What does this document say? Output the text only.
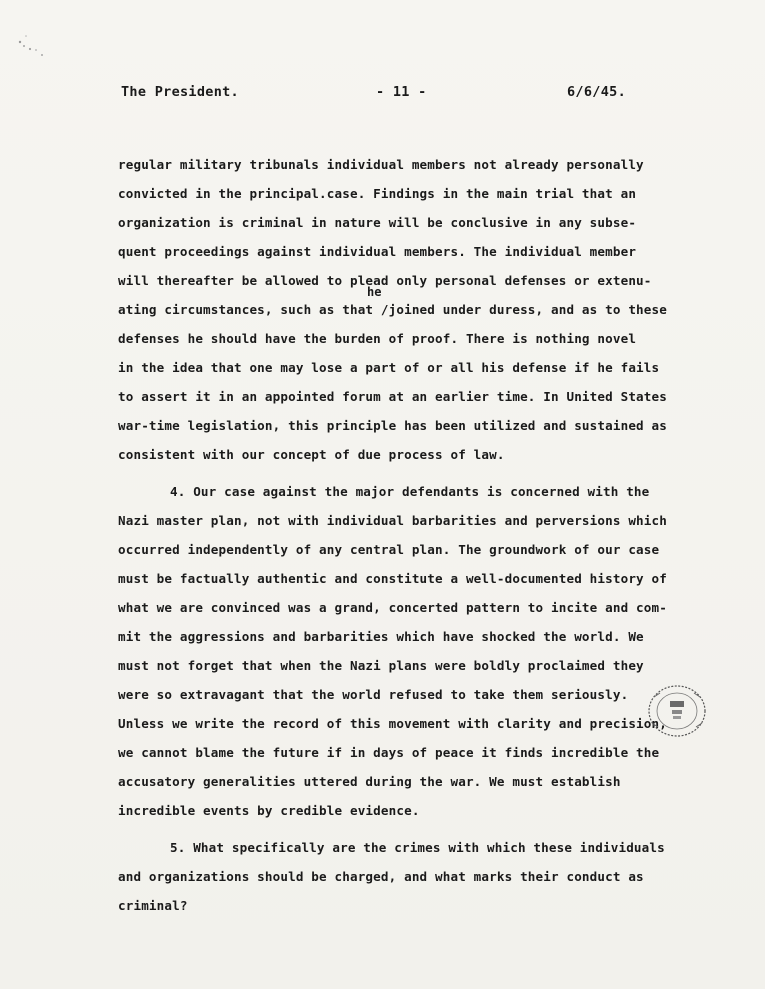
The President.	- 11 -	6/6/45.
he
regular military tribunals individual members not already personally
convicted in the principal.case. Findings in the main trial that an
organization is criminal in nature will be conclusive in any subse-
quent proceedings against individual members. The individual member
will thereafter be allowed to plead only personal defenses or extenu-
ating circumstances, such as that /joined under duress, and as to these
defenses he should have the burden of proof. There is nothing novel
in the idea that one may lose a part of or all his defense if he fails
to assert it in an appointed forum at an earlier time. In United States
war-time legislation, this principle has been utilized and sustained as
consistent with our concept of due process of law.
4. Our case against the major defendants is concerned with the
Nazi master plan, not with individual barbarities and perversions which
occurred independently of any central plan. The groundwork of our case
must be factually authentic and constitute a well-documented history of
what we are convinced was a grand, concerted pattern to incite and com-
mit the aggressions and barbarities which have shocked the world. We
must not forget that when the Nazi plans were boldly proclaimed they
were so extravagant that the world refused to take them seriously.
Unless we write the record of this movement with clarity and precision,
we cannot blame the future if in days of peace it finds incredible the
accusatory generalities uttered during the war. We must establish
incredible events by credible evidence.
5. What specifically are the crimes with which these individuals
and organizations should be charged, and what marks their conduct as
criminal?
